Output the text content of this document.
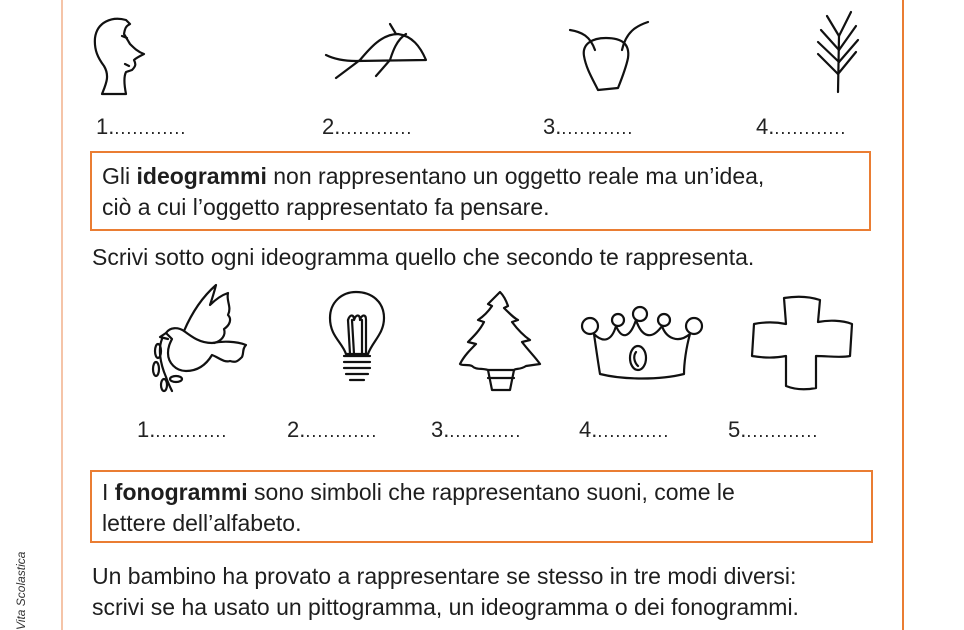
Vita Scolastica
1.............	2.............	3.............	4.............
Gli ideogrammi non rappresentano un oggetto reale ma un’idea,
ciò a cui l’oggetto rappresentato fa pensare.
Scrivi sotto ogni ideogramma quello che secondo te rappresenta.
1.............	2............. 3.............	4.............	5.............
I fonogrammi sono simboli che rappresentano suoni, come le
lettere dell’alfabeto.
Un bambino ha provato a rappresentare se stesso in tre modi diversi:
scrivi se ha usato un pittogramma, un ideogramma o dei fonogrammi.
